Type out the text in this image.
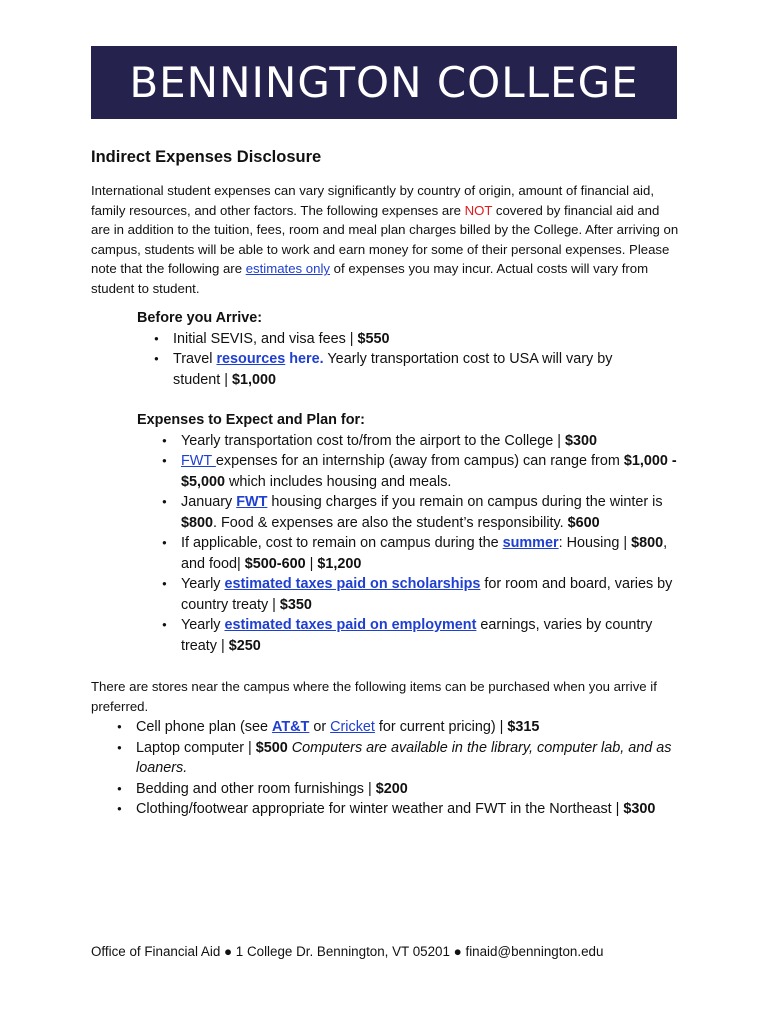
BENNINGTON COLLEGE
Indirect Expenses Disclosure
International student expenses can vary significantly by country of origin, amount of financial aid, family resources, and other factors. The following expenses are NOT covered by financial aid and are in addition to the tuition, fees, room and meal plan charges billed by the College. After arriving on campus, students will be able to work and earn money for some of their personal expenses. Please note that the following are estimates only of expenses you may incur. Actual costs will vary from student to student.
Before you Arrive:
● Initial SEVIS, and visa fees | $550
● Travel resources here. Yearly transportation cost to USA will vary by student | $1,000
Expenses to Expect and Plan for:
● Yearly transportation cost to/from the airport to the College | $300
● FWT expenses for an internship (away from campus) can range from $1,000 - $5,000 which includes housing and meals.
● January FWT housing charges if you remain on campus during the winter is $800. Food & expenses are also the student’s responsibility. $600
● If applicable, cost to remain on campus during the summer: Housing | $800, and food| $500-600 | $1,200
● Yearly estimated taxes paid on scholarships for room and board, varies by country treaty | $350
● Yearly estimated taxes paid on employment earnings, varies by country treaty | $250
There are stores near the campus where the following items can be purchased when you arrive if preferred.
● Cell phone plan (see AT&T or Cricket for current pricing) | $315
● Laptop computer | $500 Computers are available in the library, computer lab, and as loaners.
● Bedding and other room furnishings | $200
● Clothing/footwear appropriate for winter weather and FWT in the Northeast | $300
Office of Financial Aid ● 1 College Dr. Bennington, VT 05201 ● finaid@bennington.edu
